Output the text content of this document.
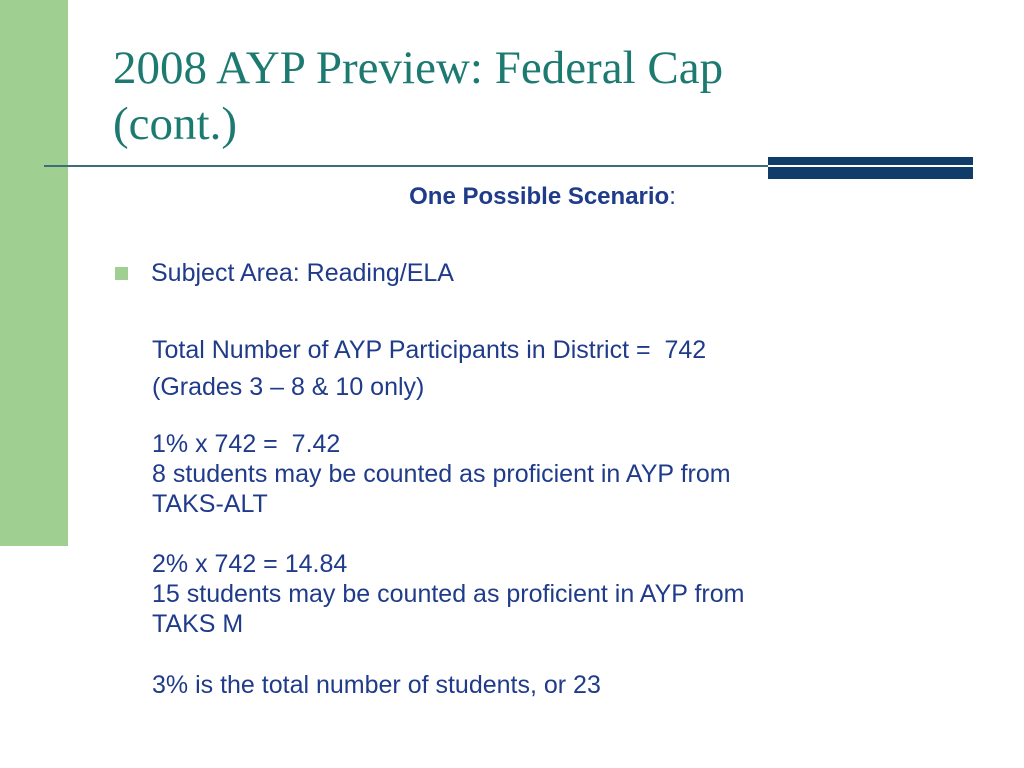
2008 AYP Preview: Federal Cap
(cont.)
One Possible Scenario:
Subject Area: Reading/ELA
Total Number of AYP Participants in District =  742
(Grades 3 – 8 & 10 only)
1% x 742 =  7.42
8 students may be counted as proficient in AYP from
TAKS-ALT
2% x 742 = 14.84
15 students may be counted as proficient in AYP from
TAKS M
3% is the total number of students, or 23
